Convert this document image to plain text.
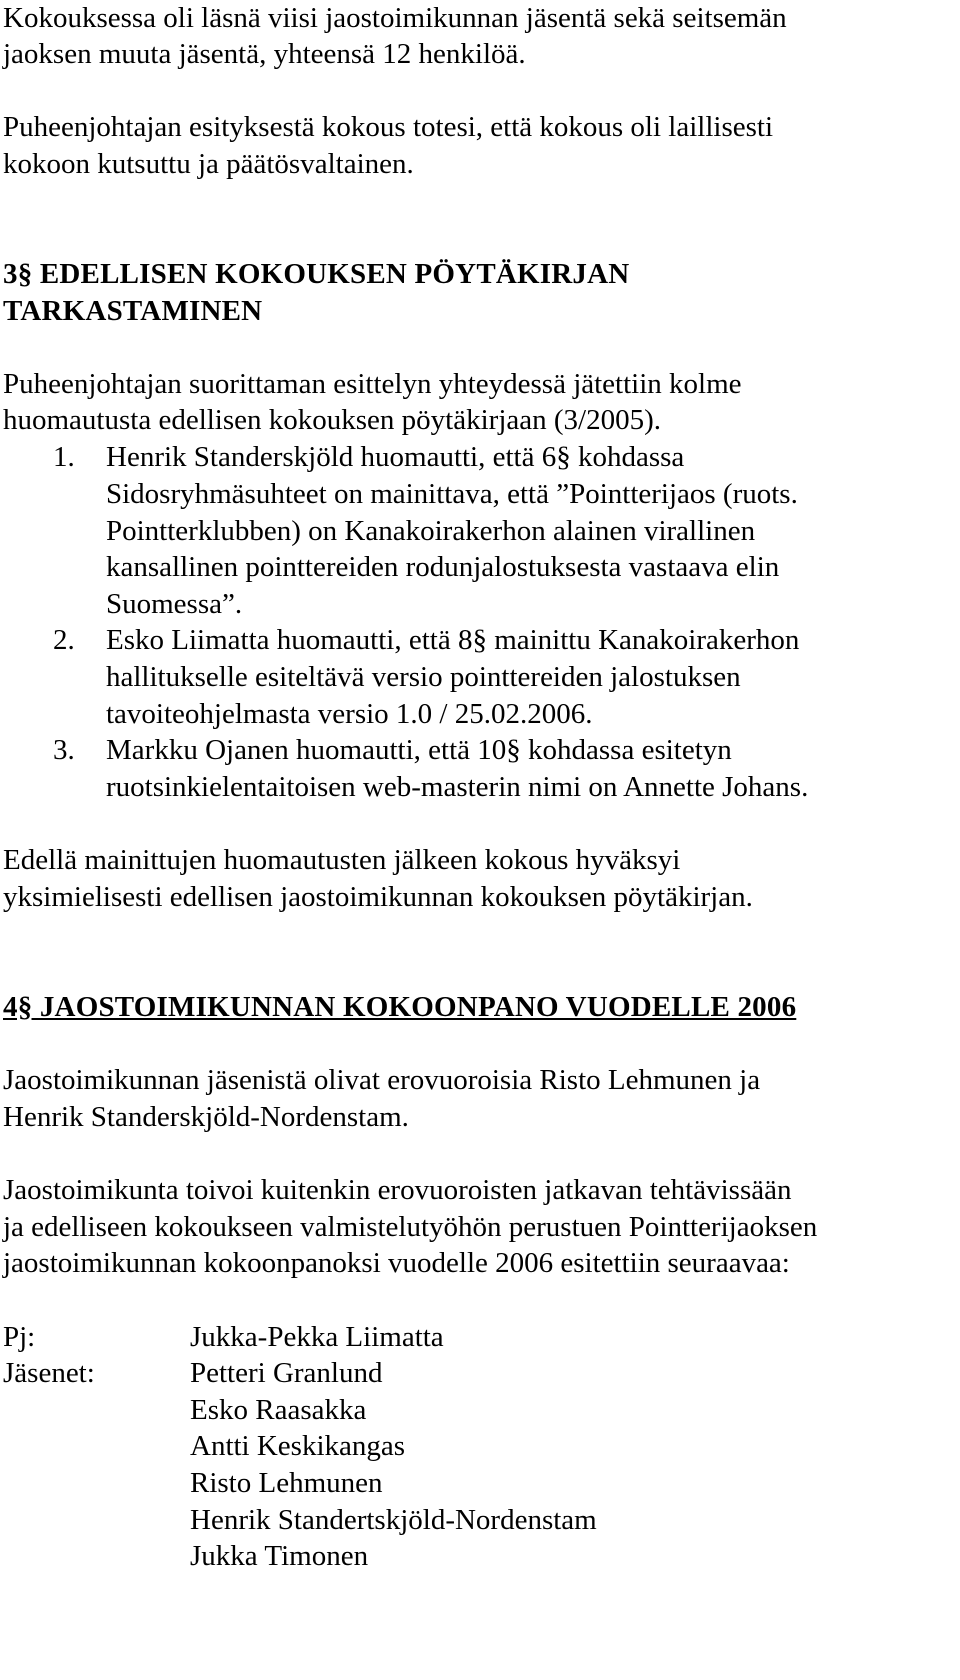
Kokouksessa oli läsnä viisi jaostoimikunnan jäsentä sekä seitsemän
jaoksen muuta jäsentä, yhteensä 12 henkilöä.
Puheenjohtajan esityksestä kokous totesi, että kokous oli laillisesti
kokoon kutsuttu ja päätösvaltainen.
3§ EDELLISEN KOKOUKSEN PÖYTÄKIRJAN
TARKASTAMINEN
Puheenjohtajan suorittaman esittelyn yhteydessä jätettiin kolme
huomautusta edellisen kokouksen pöytäkirjaan (3/2005).
1. Henrik Standerskjöld huomautti, että 6§ kohdassa
Sidosryhmäsuhteet on mainittava, että ”Pointterijaos (ruots.
Pointterklubben) on Kanakoirakerhon alainen virallinen
kansallinen pointtereiden rodunjalostuksesta vastaava elin
Suomessa”.
2. Esko Liimatta huomautti, että 8§ mainittu Kanakoirakerhon
hallitukselle esiteltävä versio pointtereiden jalostuksen
tavoiteohjelmasta versio 1.0 / 25.02.2006.
3. Markku Ojanen huomautti, että 10§ kohdassa esitetyn
ruotsinkielentaitoisen web-masterin nimi on Annette Johans.
Edellä mainittujen huomautusten jälkeen kokous hyväksyi
yksimielisesti edellisen jaostoimikunnan kokouksen pöytäkirjan.
4§ JAOSTOIMIKUNNAN KOKOONPANO VUODELLE 2006
Jaostoimikunnan jäsenistä olivat erovuoroisia Risto Lehmunen ja
Henrik Standerskjöld-Nordenstam.
Jaostoimikunta toivoi kuitenkin erovuoroisten jatkavan tehtävissään
ja edelliseen kokoukseen valmistelutyöhön perustuen Pointterijaoksen
jaostoimikunnan kokoonpanoksi vuodelle 2006 esitettiin seuraavaa:
Pj:	Jukka-Pekka Liimatta
Jäsenet:	Petteri Granlund
Esko Raasakka
Antti Keskikangas
Risto Lehmunen
Henrik Standertskjöld-Nordenstam
Jukka Timonen
